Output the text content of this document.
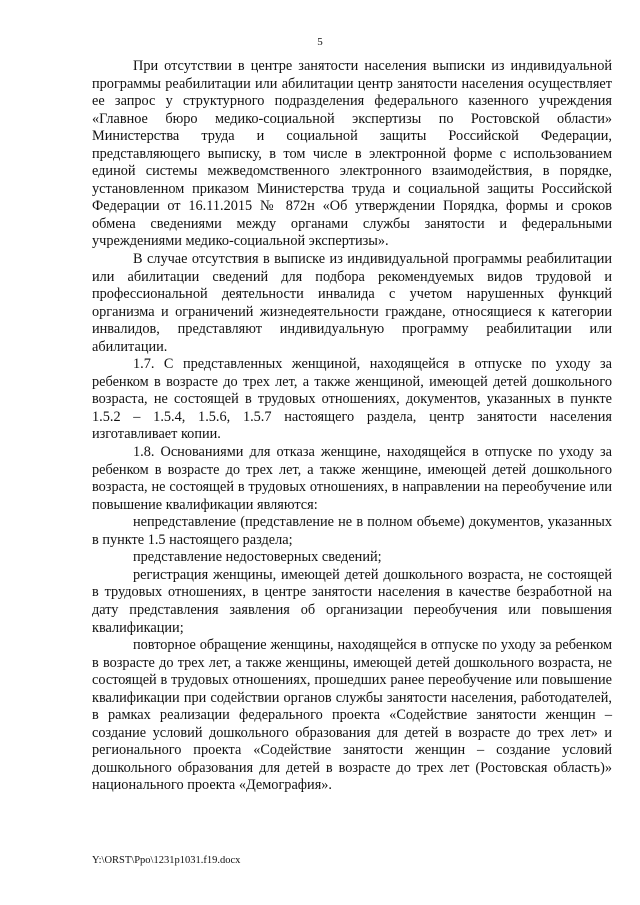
5

При отсутствии в центре занятости населения выписки из индивидуальной программы реабилитации или абилитации центр занятости населения осуществляет ее запрос у структурного подразделения федерального казенного учреждения «Главное бюро медико-социальной экспертизы по Ростовской области» Министерства труда и социальной защиты Российской Федерации, представляющего выписку, в том числе в электронной форме с использованием единой системы межведомственного электронного взаимодействия, в порядке, установленном приказом Министерства труда и социальной защиты Российской Федерации от 16.11.2015 № 872н «Об утверждении Порядка, формы и сроков обмена сведениями между органами службы занятости и федеральными учреждениями медико-социальной экспертизы».

В случае отсутствия в выписке из индивидуальной программы реабилитации или абилитации сведений для подбора рекомендуемых видов трудовой и профессиональной деятельности инвалида с учетом нарушенных функций организма и ограничений жизнедеятельности граждане, относящиеся к категории инвалидов, представляют индивидуальную программу реабилитации или абилитации.

1.7. С представленных женщиной, находящейся в отпуске по уходу за ребенком в возрасте до трех лет, а также женщиной, имеющей детей дошкольного возраста, не состоящей в трудовых отношениях, документов, указанных в пункте 1.5.2 – 1.5.4, 1.5.6, 1.5.7 настоящего раздела, центр занятости населения изготавливает копии.

1.8. Основаниями для отказа женщине, находящейся в отпуске по уходу за ребенком в возрасте до трех лет, а также женщине, имеющей детей дошкольного возраста, не состоящей в трудовых отношениях, в направлении на переобучение или повышение квалификации являются:

непредставление (представление не в полном объеме) документов, указанных в пункте 1.5 настоящего раздела;

представление недостоверных сведений;

регистрация женщины, имеющей детей дошкольного возраста, не состоящей в трудовых отношениях, в центре занятости населения в качестве безработной на дату представления заявления об организации переобучения или повышения квалификации;

повторное обращение женщины, находящейся в отпуске по уходу за ребенком в возрасте до трех лет, а также женщины, имеющей детей дошкольного возраста, не состоящей в трудовых отношениях, прошедших ранее переобучение или повышение квалификации при содействии органов службы занятости населения, работодателей, в рамках реализации федерального проекта «Содействие занятости женщин – создание условий дошкольного образования для детей в возрасте до трех лет» и регионального проекта «Содействие занятости женщин – создание условий дошкольного образования для детей в возрасте до трех лет (Ростовская область)» национального проекта «Демография».

Y:\ORST\Ppo\1231p1031.f19.docx
